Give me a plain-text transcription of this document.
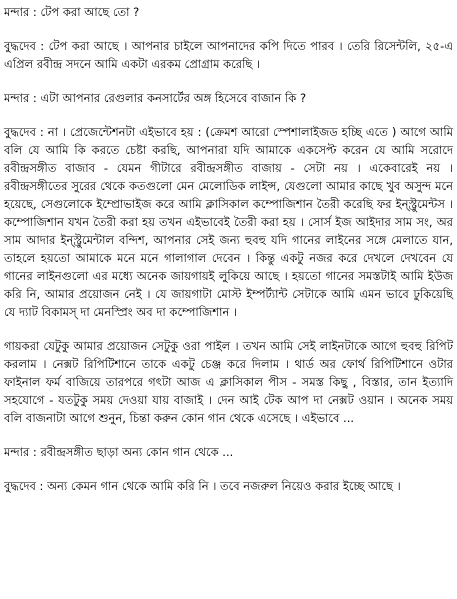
মন্দার : টেপ করা আছে তো ?

বুদ্ধদেব : টেপ করা আছে । আপনার চাইলে আপনাদের কপি দিতে পারব । তেরি রিসেন্টলি, ২৫-এ এপ্রিল রবীন্দ্র সদনে আমি একটা এরকম প্রোগ্রাম করেছি ।

মন্দার : এটা আপনার রেগুলার কনসার্টের অঙ্গ হিসেবে বাজান কি ?

বুদ্ধদেব : না । প্রেজেন্টেশনটা এইভাবে হয় : (ক্রেমশ আরো স্পেশালাইজড হচ্ছি এতে ) আগে আমি বলি যে আমি কি করতে চেষ্টা করছি, আপনারা যদি আমাকে একসেপ্ট করেন যে আমি সরোদে রবীন্দ্রসঙ্গীত বাজাব - যেমন গীটারে রবীন্দ্রসঙ্গীত বাজায় - সেটা নয় । একেবারেই নয় । রবীন্দ্রসঙ্গীতের সুরের থেকে কতগুলো মেন মেলোডিক লাইন্স, যেগুলো আমার কাছে খুব অসুন্দ মনে হয়েছে, সেগুলোকে ইম্প্রোভাইজ করে আমি ক্লাসিকাল কম্পোজিশান তৈরী করেছি ফর ইন্স্ট্রুমেন্টস । কম্পোজিশান যখন তৈরী করা হয় তখন এইভাবেই তৈরী করা হয় । সোর্স ইজ আইদার সাম সং, অর সাম আদার ইন্স্ট্রুমেন্টাল বন্দিশ, আপনার সেই জন্য হুবহু যদি গানের লাইনের সঙ্গে মেলাতে যান, তাহলে হয়তো আমাকে মনে মনে গালাগাল দেবেন । কিন্তু একটু নজর করে দেখলে দেখবেন যে গানের লাইনগুলো এর মধ্যে অনেক জায়গায়ই লুকিয়ে আছে । হয়তো গানের সমস্তটাই আমি ইউজ করি নি, আমার প্রয়োজন নেই । যে জায়গাটা মোস্ট ইম্পর্ট্যান্ট সেটাকে আমি এমন ভাবে ঢুকিয়েছি যে দ্যাট বিকামস্ দা মেনস্প্রিং অব দা কম্পোজিশান ।

গায়করা যেটুকু আমার প্রয়োজন সেটুকু ওরা পাইল । তখন আমি সেই লাইনটাকে আগে হুবহু রিপিট করলাম । নেক্সট রিপিটিশানে তাকে একটু চেঞ্জ করে দিলাম । থার্ড অর ফোর্থ রিপিটিশানে ওটার ফাইনাল ফর্ম বাজিয়ে তারপরে গৎটা আজ এ ক্লাসিকাল পীস - সমস্ত কিছু , বিস্তার, তান ইত্যাদি সহযোগে - যতটুকু সময় দেওয়া যায় বাজাই । দেন আই টেক আপ দা নেক্সট ওয়ান । অনেক সময় বলি বাজনাটা আগে শুনুন, চিন্তা করুন কোন গান থেকে এসেছে । এইভাবে ...

মন্দার : রবীন্দ্রসঙ্গীত ছাড়া অন্য কোন গান থেকে ...

বুদ্ধদেব : অন্য কেমন গান থেকে আমি করি নি । তবে নজরুল নিয়েও করার ইচ্ছে আছে ।
